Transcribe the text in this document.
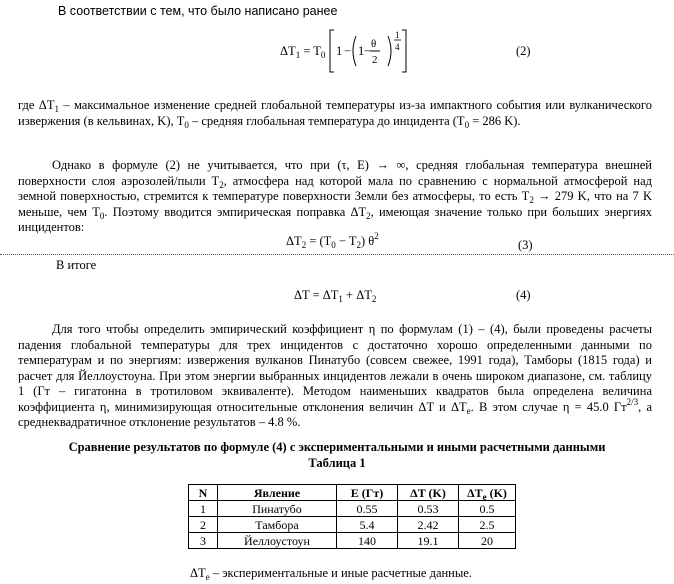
В соответствии с тем, что было написано ранее
$\Delta T_1 = T_0$ 1 − 1 − θ
2
1
4	(2)
где $\Delta T_1$ – максимальное изменение средней глобальной температуры из-за импактного события или вулканического извержения (в кельвинах, K), $T_0$ – средняя глобальная температура до инцидента ($T_0 = 286$ K).
Однако в формуле (2) не учитывается, что при (τ, E) → ∞, средняя глобальная температура внешней поверхности слоя аэрозолей/пыли $T_2$, атмосфера над которой мала по сравнению с нормальной атмосферой над земной поверхностью, стремится к температуре поверхности Земли без атмосферы, то есть $T_2 \to 279$ K, что на 7 K меньше, чем $T_0$. Поэтому вводится эмпирическая поправка $\Delta T_2$, имеющая значение только при больших энергиях инцидентов:
$\Delta T_2 = (T_0 - T_2)$ $\theta^2$
(3)
В итоге
$\Delta T = \Delta T_1 + \Delta T_2$	(4)
Для того чтобы определить эмпирический коэффициент η по формулам (1) – (4), были проведены расчеты падения глобальной температуры для трех инцидентов с достаточно хорошо определенными данными по температурам и по энергиям: извержения вулканов Пинатубо (совсем свежее, 1991 года), Тамборы (1815 года) и расчет для Йеллоустоуна. При этом энергии выбранных инцидентов лежали в очень широком диапазоне, см. таблицу 1 (Гт – гигатонна в тротиловом эквиваленте). Методом наименьших квадратов была определена величина коэффициента η, минимизирующая относительные отклонения величин ΔT и $\Delta T_e$. В этом случае η = 45.0 $Гт^{2/3}$, а среднеквадратичное отклонение результатов – 4.8 %.
Сравнение результатов по формуле (4) с экспериментальными и иными расчетными данными
Таблица 1
N	Явление	E (Гт)	ΔT (K)	$\Delta T_e$ (K)
1	Пинатубо	0.55	0.53	0.5
2	Тамбора	5.4	2.42	2.5
3	Йеллоустоун	140	19.1	20
$\Delta T_e$ – экспериментальные и иные расчетные данные.
